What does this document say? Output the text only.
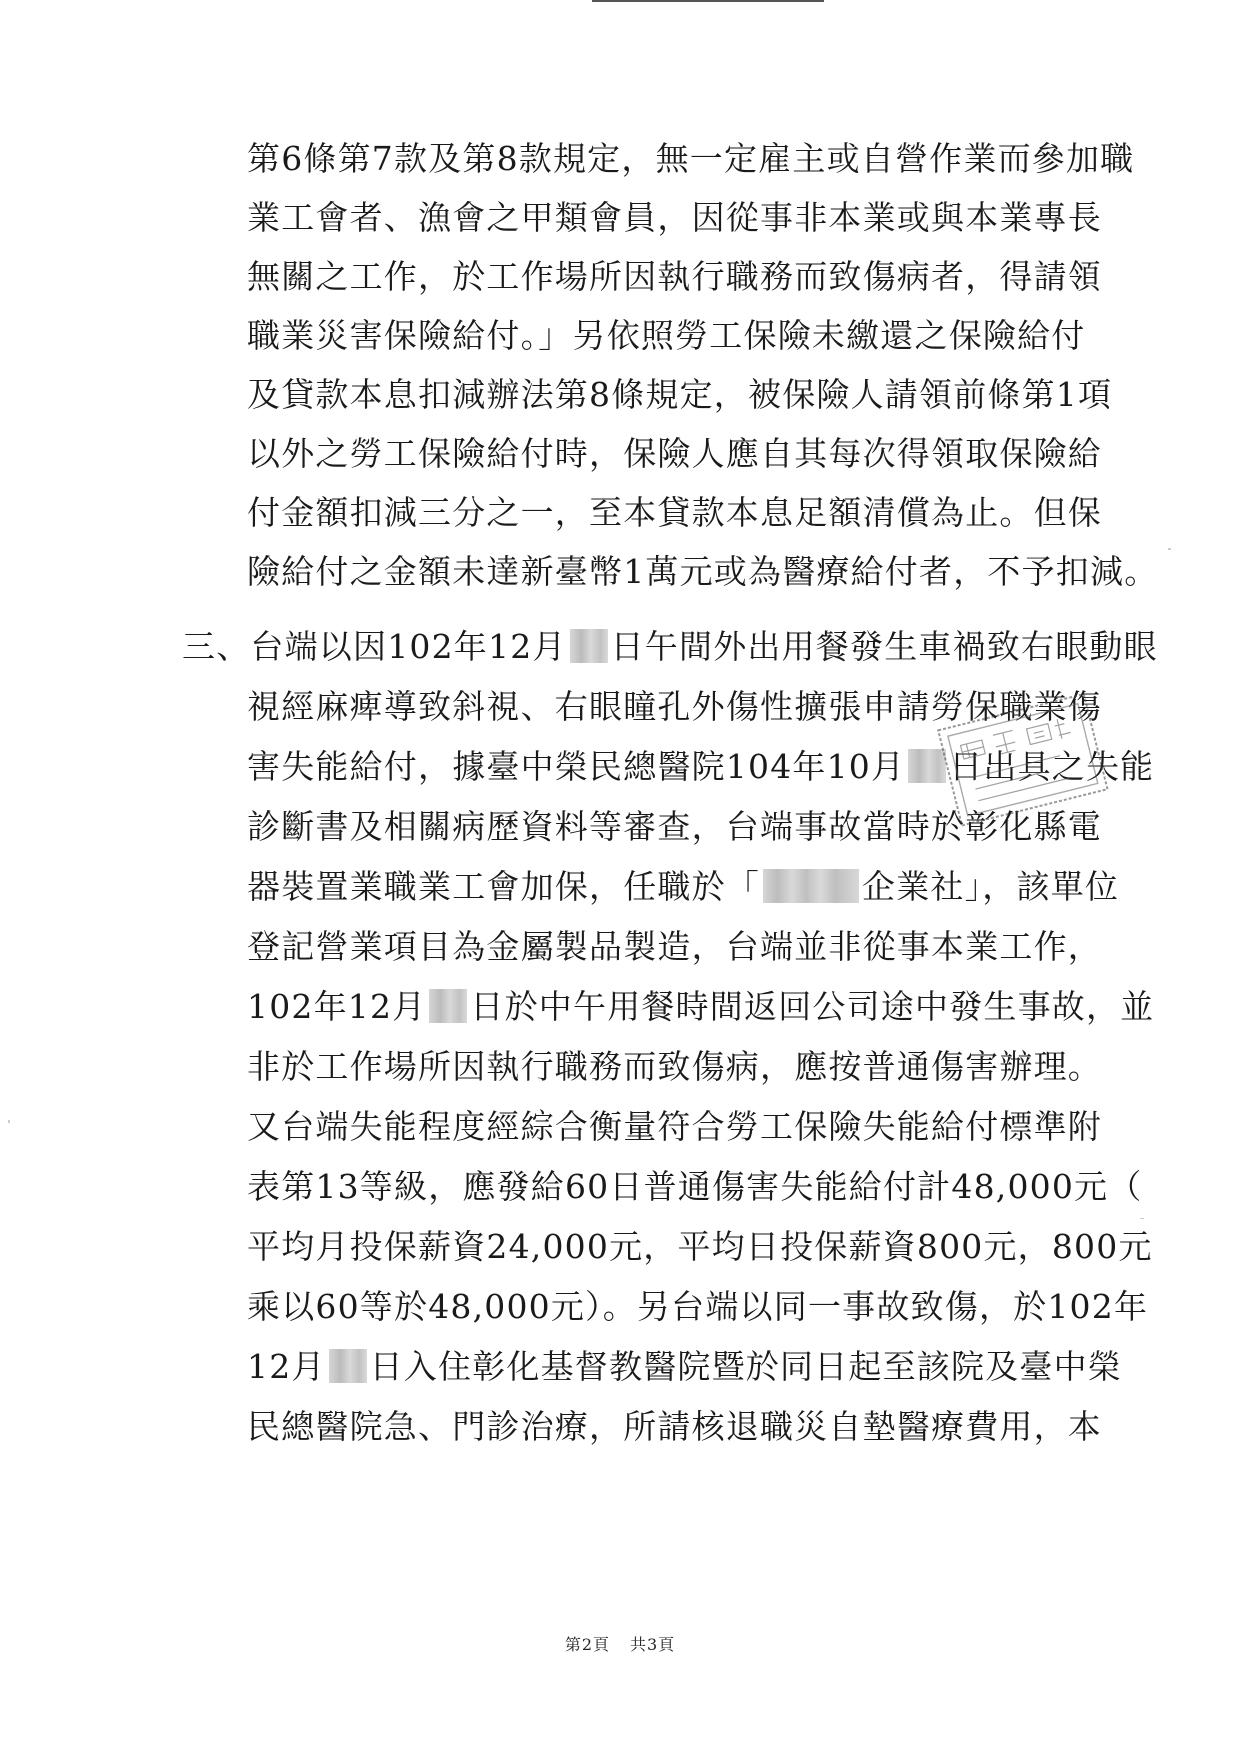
第6條第7款及第8款規定，無一定雇主或自營作業而參加職
業工會者、漁會之甲類會員，因從事非本業或與本業專長
無關之工作，於工作場所因執行職務而致傷病者，得請領
職業災害保險給付。」另依照勞工保險未繳還之保險給付
及貸款本息扣減辦法第8條規定，被保險人請領前條第1項
以外之勞工保險給付時，保險人應自其每次得領取保險給
付金額扣減三分之一，至本貸款本息足額清償為止。但保
險給付之金額未達新臺幣1萬元或為醫療給付者，不予扣減。
三、台端以因102年12月 日午間外出用餐發生車禍致右眼動眼
視經麻痺導致斜視、右眼瞳孔外傷性擴張申請勞保職業傷
害失能給付，據臺中榮民總醫院104年10月 日出具之失能
診斷書及相關病歷資料等審查，台端事故當時於彰化縣電
器裝置業職業工會加保，任職於「	企業社」，該單位
登記營業項目為金屬製品製造，台端並非從事本業工作，
102年12月 日於中午用餐時間返回公司途中發生事故，並
非於工作場所因執行職務而致傷病，應按普通傷害辦理。
又台端失能程度經綜合衡量符合勞工保險失能給付標準附
表第13等級，應發給60日普通傷害失能給付計48,000元（
平均月投保薪資24,000元，平均日投保薪資800元，800元
乘以60等於48,000元）。另台端以同一事故致傷，於102年
12月 日入住彰化基督教醫院暨於同日起至該院及臺中榮
民總醫院急、門診治療，所請核退職災自墊醫療費用，本
第2頁 共3頁
